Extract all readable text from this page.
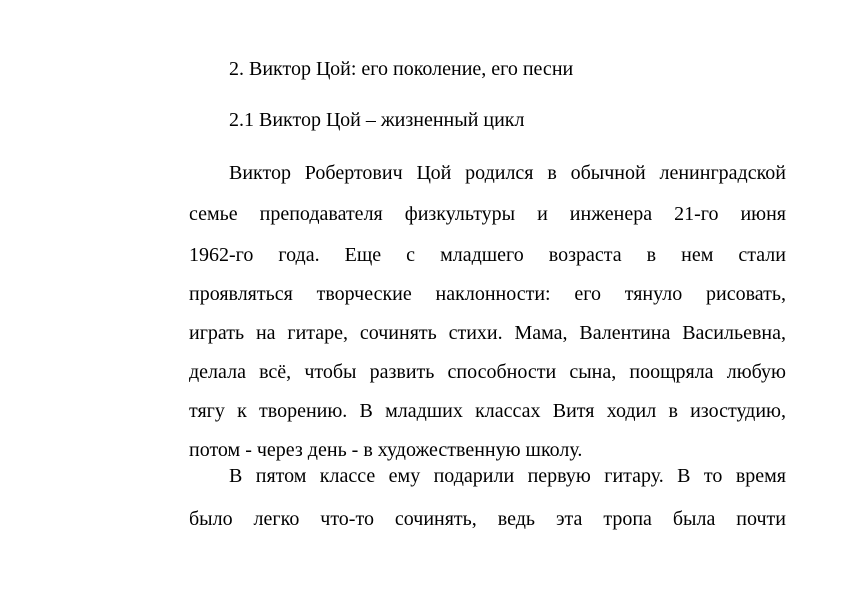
2. Виктор Цой: его поколение, его песни
2.1 Виктор Цой – жизненный цикл
Виктор Робертович Цой родился в обычной ленинградской
семье преподавателя физкультуры и инженера 21-го июня
1962-го года. Еще с младшего возраста в нем стали
проявляться творческие наклонности: его тянуло рисовать,
играть на гитаре, сочинять стихи. Мама, Валентина Васильевна,
делала всё, чтобы развить способности сына, поощряла любую
тягу к творению. В младших классах Витя ходил в изостудию,
потом - через день - в художественную школу.
В пятом классе ему подарили первую гитару. В то время
было легко что-то сочинять, ведь эта тропа была почти
